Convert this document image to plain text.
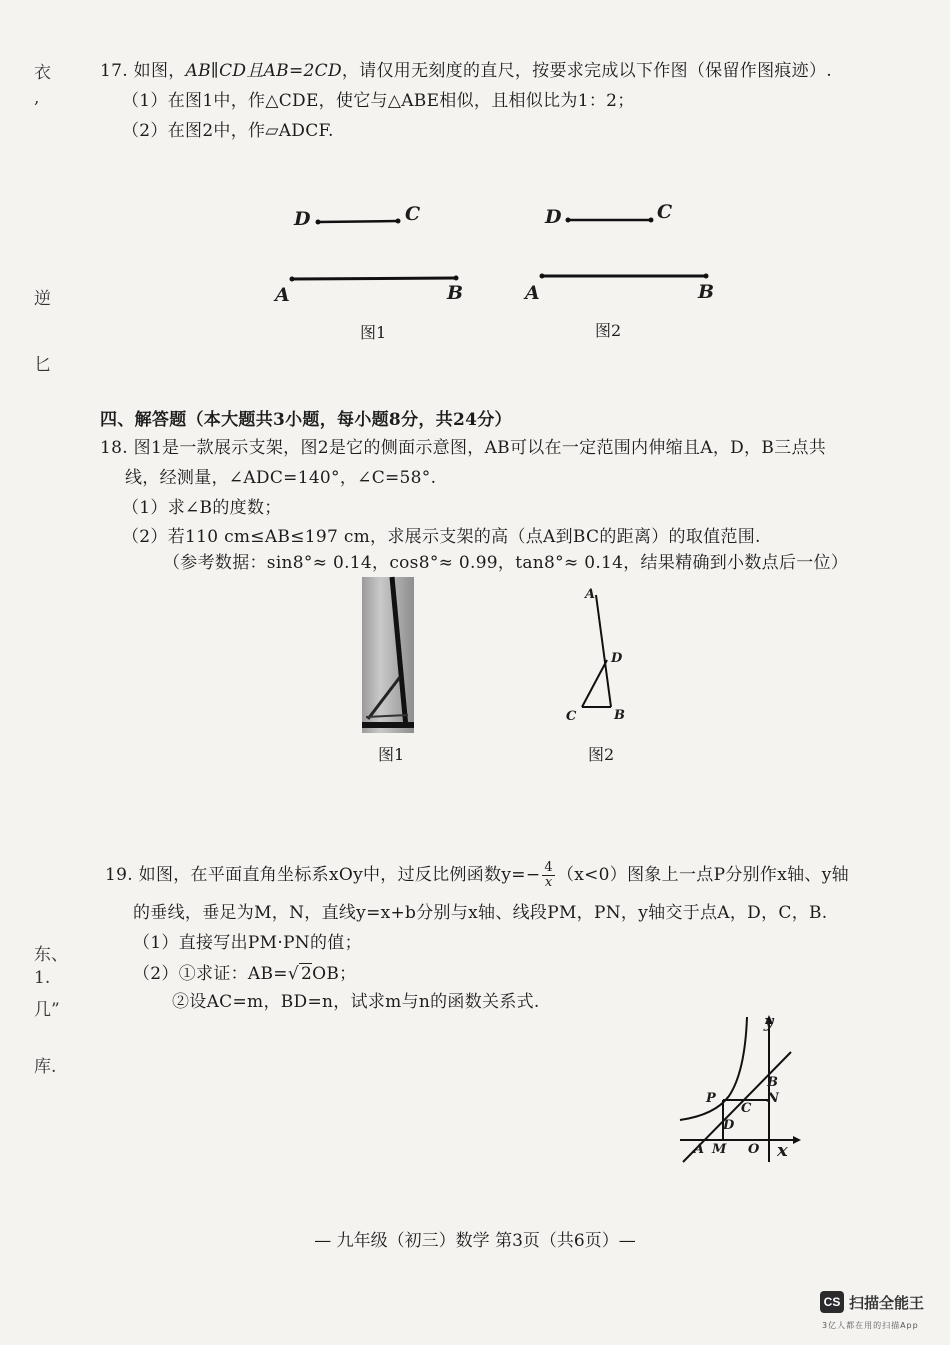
衣
,
逆
匕
东、
1.
几”
库.
17. 如图，AB∥CD且AB=2CD，请仅用无刻度的直尺，按要求完成以下作图（保留作图痕迹）.
（1）在图1中，作△CDE，使它与△ABE相似，且相似比为1：2；
（2）在图2中，作▱ADCF.
D	C
A	B
图1
D	C
A	B
图2
四、解答题（本大题共3小题，每小题8分，共24分）
18. 图1是一款展示支架，图2是它的侧面示意图，AB可以在一定范围内伸缩且A，D，B三点共
线，经测量，∠ADC=140°，∠C=58°.
（1）求∠B的度数；
（2）若110 cm≤AB≤197 cm，求展示支架的高（点A到BC的距离）的取值范围.
（参考数据：sin8°≈ 0.14，cos8°≈ 0.99，tan8°≈ 0.14，结果精确到小数点后一位）
图1
A
D
C	B
图2
19. 如图，在平面直角坐标系xOy中，过反比例函数$y=- \frac{4}{x} (x<0)$图象上一点P分别作x轴、y轴
的垂线，垂足为M，N，直线y=x+b分别与x轴、线段PM，PN，y轴交于点A，D，C，B.
（1）直接写出PM·PN的值；
（2）①求证：AB=√ 2OB；
②设AC=m，BD=n，试求m与n的函数关系式.
y
x
P
B
N
C
D
A M O
— 九年级（初三）数学 第3页（共6页）—
CS 扫描全能王
3亿人都在用的扫描App
